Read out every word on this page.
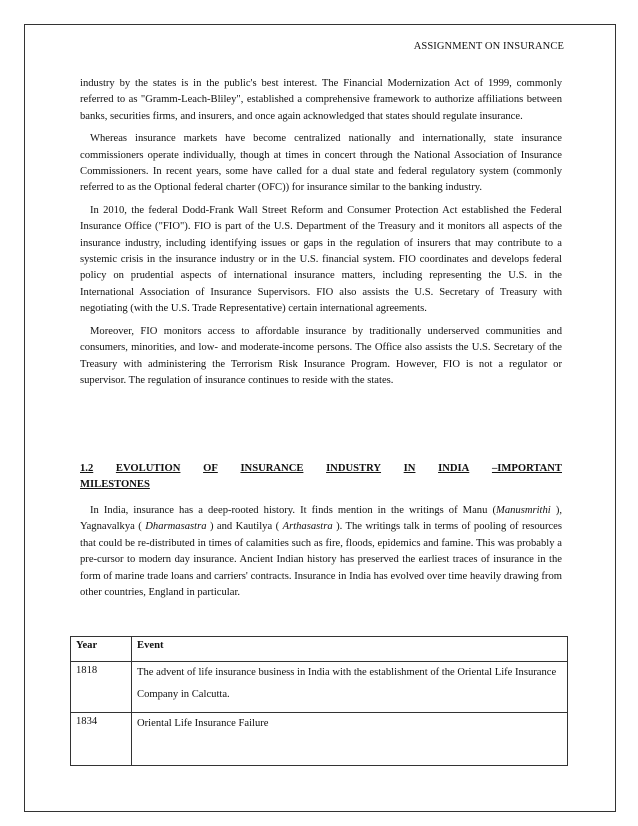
ASSIGNMENT ON INSURANCE

industry by the states is in the public's best interest. The Financial Modernization Act of 1999, commonly referred to as "Gramm-Leach-Bliley", established a comprehensive framework to authorize affiliations between banks, securities firms, and insurers, and once again acknowledged that states should regulate insurance.

Whereas insurance markets have become centralized nationally and internationally, state insurance commissioners operate individually, though at times in concert through the National Association of Insurance Commissioners. In recent years, some have called for a dual state and federal regulatory system (commonly referred to as the Optional federal charter (OFC)) for insurance similar to the banking industry.

In 2010, the federal Dodd-Frank Wall Street Reform and Consumer Protection Act established the Federal Insurance Office ("FIO"). FIO is part of the U.S. Department of the Treasury and it monitors all aspects of the insurance industry, including identifying issues or gaps in the regulation of insurers that may contribute to a systemic crisis in the insurance industry or in the U.S. financial system. FIO coordinates and develops federal policy on prudential aspects of international insurance matters, including representing the U.S. in the International Association of Insurance Supervisors. FIO also assists the U.S. Secretary of Treasury with negotiating (with the U.S. Trade Representative) certain international agreements.

Moreover, FIO monitors access to affordable insurance by traditionally underserved communities and consumers, minorities, and low- and moderate-income persons. The Office also assists the U.S. Secretary of the Treasury with administering the Terrorism Risk Insurance Program. However, FIO is not a regulator or supervisor. The regulation of insurance continues to reside with the states.

1.2 EVOLUTION OF INSURANCE INDUSTRY IN INDIA –IMPORTANT
MILESTONES

In India, insurance has a deep-rooted history. It finds mention in the writings of Manu (Manusmrithi ), Yagnavalkya ( Dharmasastra ) and Kautilya ( Arthasastra ). The writings talk in terms of pooling of resources that could be re-distributed in times of calamities such as fire, floods, epidemics and famine. This was probably a pre-cursor to modern day insurance. Ancient Indian history has preserved the earliest traces of insurance in the form of marine trade loans and carriers' contracts. Insurance in India has evolved over time heavily drawing from other countries, England in particular.

Year	Event
1818	The advent of life insurance business in India with the establishment of the Oriental Life Insurance Company in Calcutta.
1834	Oriental Life Insurance Failure
